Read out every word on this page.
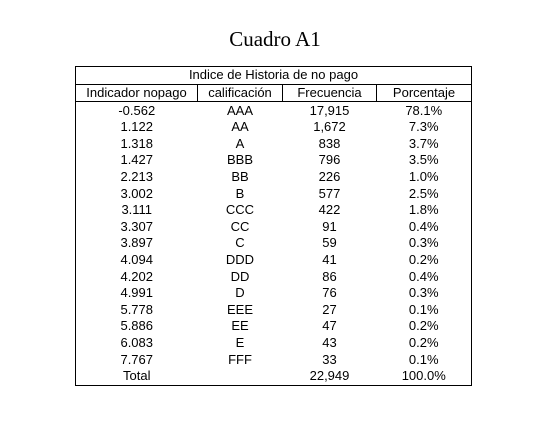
Cuadro A1
Indice de Historia de no pago			
Indicador nopago	calificación	Frecuencia	Porcentaje
-0.562	AAA	17,915	78.1%
1.122	AA	1,672	7.3%
1.318	A	838	3.7%
1.427	BBB	796	3.5%
2.213	BB	226	1.0%
3.002	B	577	2.5%
3.111	CCC	422	1.8%
3.307	CC	91	0.4%
3.897	C	59	0.3%
4.094	DDD	41	0.2%
4.202	DD	86	0.4%
4.991	D	76	0.3%
5.778	EEE	27	0.1%
5.886	EE	47	0.2%
6.083	E	43	0.2%
7.767	FFF	33	0.1%
Total		22,949	100.0%
